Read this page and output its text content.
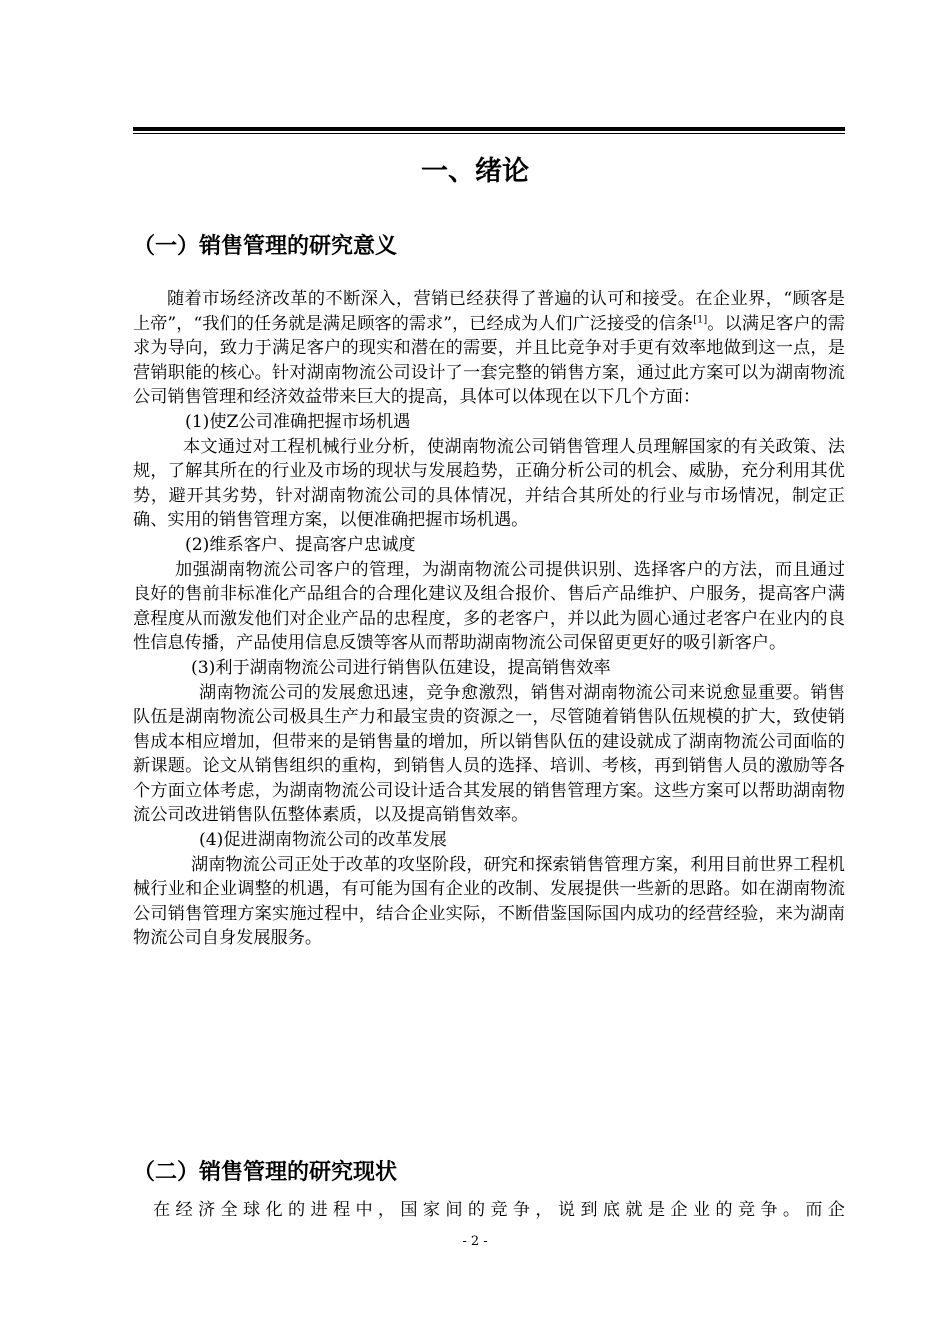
一、绪论
（一）销售管理的研究意义

随着市场经济改革的不断深入，营销已经获得了普遍的认可和接受。在企业界，“顾客是上帝”，“我们的任务就是满足顾客的需求”，已经成为人们广泛接受的信条[1]。以满足客户的需求为导向，致力于满足客户的现实和潜在的需要，并且比竞争对手更有效率地做到这一点，是营销职能的核心。针对湖南物流公司设计了一套完整的销售方案，通过此方案可以为湖南物流公司销售管理和经济效益带来巨大的提高，具体可以体现在以下几个方面：

(1)使Z公司准确把握市场机遇

本文通过对工程机械行业分析，使湖南物流公司销售管理人员理解国家的有关政策、法规，了解其所在的行业及市场的现状与发展趋势，正确分析公司的机会、威胁，充分利用其优势，避开其劣势，针对湖南物流公司的具体情况，并结合其所处的行业与市场情况，制定正确、实用的销售管理方案，以便准确把握市场机遇。

(2)维系客户、提高客户忠诚度

加强湖南物流公司客户的管理，为湖南物流公司提供识别、选择客户的方法，而且通过良好的售前非标准化产品组合的合理化建议及组合报价、售后产品维护、户服务，提高客户满意程度从而激发他们对企业产品的忠程度，多的老客户，并以此为圆心通过老客户在业内的良性信息传播，产品使用信息反馈等客从而帮助湖南物流公司保留更更好的吸引新客户。

(3)利于湖南物流公司进行销售队伍建设，提高销售效率

湖南物流公司的发展愈迅速，竞争愈激烈，销售对湖南物流公司来说愈显重要。销售队伍是湖南物流公司极具生产力和最宝贵的资源之一，尽管随着销售队伍规模的扩大，致使销售成本相应增加，但带来的是销售量的增加，所以销售队伍的建设就成了湖南物流公司面临的新课题。论文从销售组织的重构，到销售人员的选择、培训、考核，再到销售人员的激励等各个方面立体考虑，为湖南物流公司设计适合其发展的销售管理方案。这些方案可以帮助湖南物流公司改进销售队伍整体素质，以及提高销售效率。

(4)促进湖南物流公司的改革发展

湖南物流公司正处于改革的攻坚阶段，研究和探索销售管理方案，利用目前世界工程机械行业和企业调整的机遇，有可能为国有企业的改制、发展提供一些新的思路。如在湖南物流公司销售管理方案实施过程中，结合企业实际，不断借鉴国际国内成功的经营经验，来为湖南物流公司自身发展服务。

（二）销售管理的研究现状

在经济全球化的进程中，国家间的竞争，说到底就是企业的竞争。而企

- 2 -
